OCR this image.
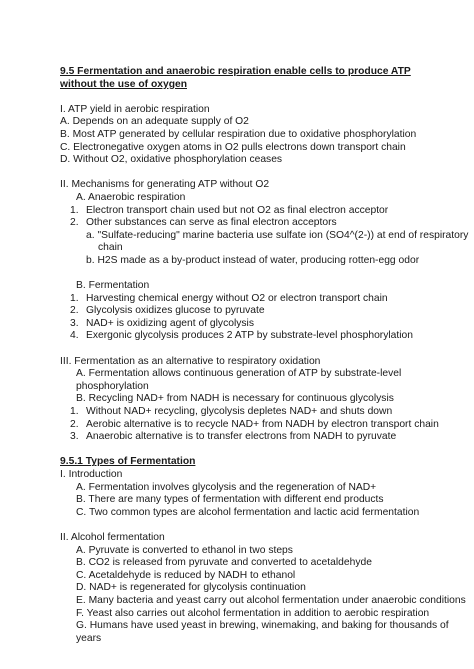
9.5 Fermentation and anaerobic respiration enable cells to produce ATP without the use of oxygen

I. ATP yield in aerobic respiration

A. Depends on an adequate supply of O2

B. Most ATP generated by cellular respiration due to oxidative phosphorylation

C. Electronegative oxygen atoms in O2 pulls electrons down transport chain

D. Without O2, oxidative phosphorylation ceases

II. Mechanisms for generating ATP without O2

A. Anaerobic respiration

1. Electron transport chain used but not O2 as final electron acceptor
2. Other substances can serve as final electron acceptors

a. "Sulfate-reducing" marine bacteria use sulfate ion (SO4^(2-)) at end of respiratory

chain

b. H2S made as a by-product instead of water, producing rotten-egg odor

B. Fermentation

1. Harvesting chemical energy without O2 or electron transport chain
2. Glycolysis oxidizes glucose to pyruvate
3. NAD+ is oxidizing agent of glycolysis
4. Exergonic glycolysis produces 2 ATP by substrate-level phosphorylation

III. Fermentation as an alternative to respiratory oxidation

A. Fermentation allows continuous generation of ATP by substrate-level

phosphorylation

B. Recycling NAD+ from NADH is necessary for continuous glycolysis

1. Without NAD+ recycling, glycolysis depletes NAD+ and shuts down
2. Aerobic alternative is to recycle NAD+ from NADH by electron transport chain
3. Anaerobic alternative is to transfer electrons from NADH to pyruvate

9.5.1 Types of Fermentation

I. Introduction

A. Fermentation involves glycolysis and the regeneration of NAD+

B. There are many types of fermentation with different end products

C. Two common types are alcohol fermentation and lactic acid fermentation

II. Alcohol fermentation

A. Pyruvate is converted to ethanol in two steps

B. CO2 is released from pyruvate and converted to acetaldehyde

C. Acetaldehyde is reduced by NADH to ethanol

D. NAD+ is regenerated for glycolysis continuation

E. Many bacteria and yeast carry out alcohol fermentation under anaerobic conditions

F. Yeast also carries out alcohol fermentation in addition to aerobic respiration

G. Humans have used yeast in brewing, winemaking, and baking for thousands of

years
